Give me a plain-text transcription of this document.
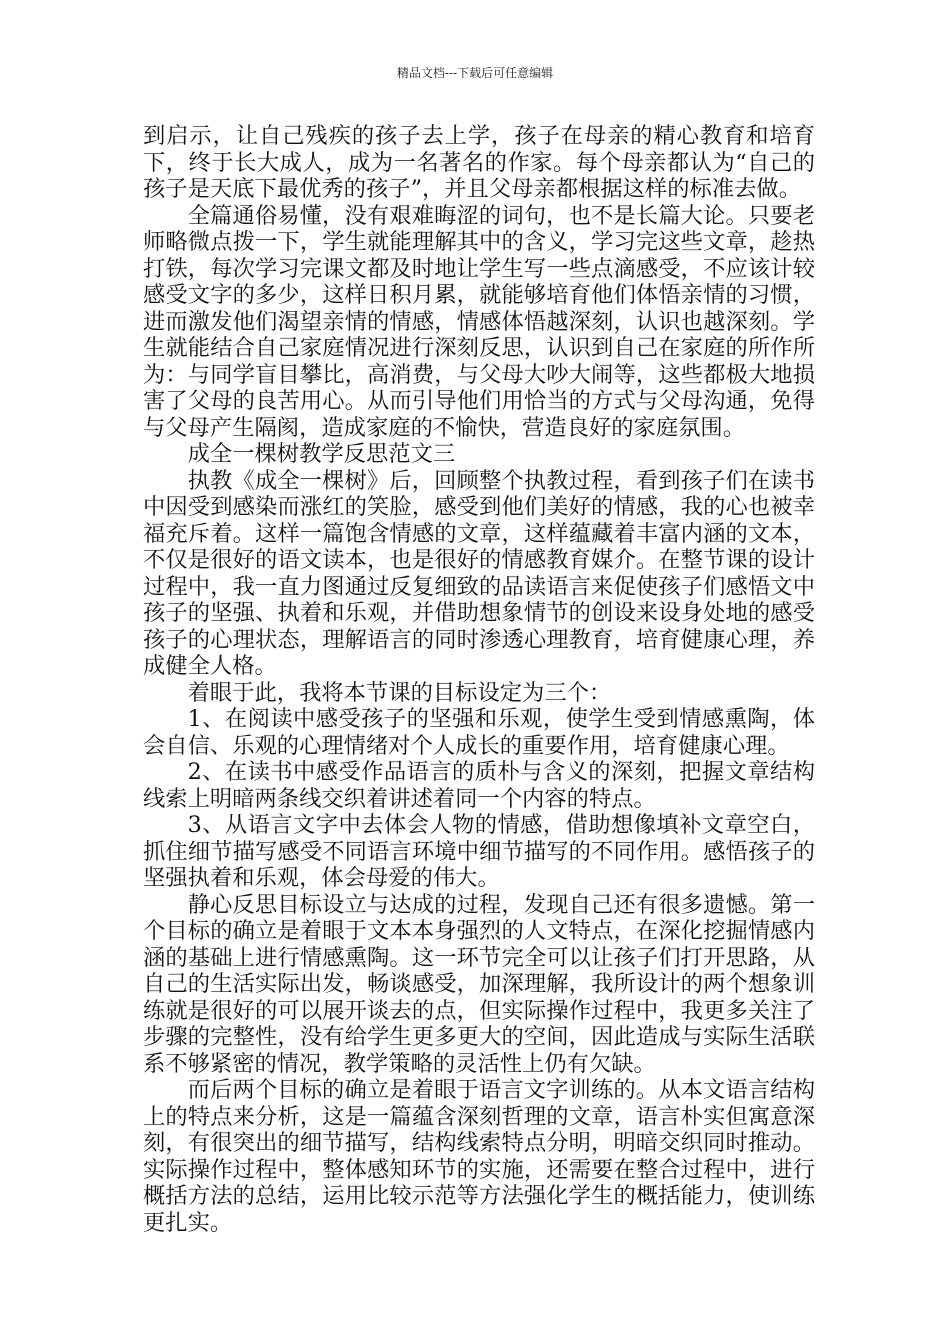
精品文档---下载后可任意编辑

到启示，让自己残疾的孩子去上学，孩子在母亲的精心教育和培育下，终于长大成人，成为一名著名的作家。每个母亲都认为“自己的孩子是天底下最优秀的孩子”，并且父母亲都根据这样的标准去做。

全篇通俗易懂，没有艰难晦涩的词句，也不是长篇大论。只要老师略微点拨一下，学生就能理解其中的含义，学习完这些文章，趁热打铁，每次学习完课文都及时地让学生写一些点滴感受，不应该计较感受文字的多少，这样日积月累，就能够培育他们体悟亲情的习惯，进而激发他们渴望亲情的情感，情感体悟越深刻，认识也越深刻。学生就能结合自己家庭情况进行深刻反思，认识到自己在家庭的所作所为：与同学盲目攀比，高消费，与父母大吵大闹等，这些都极大地损害了父母的良苦用心。从而引导他们用恰当的方式与父母沟通，免得与父母产生隔阂，造成家庭的不愉快，营造良好的家庭氛围。

成全一棵树教学反思范文三

执教《成全一棵树》后，回顾整个执教过程，看到孩子们在读书中因受到感染而涨红的笑脸，感受到他们美好的情感，我的心也被幸福充斥着。这样一篇饱含情感的文章，这样蕴藏着丰富内涵的文本，不仅是很好的语文读本，也是很好的情感教育媒介。在整节课的设计过程中，我一直力图通过反复细致的品读语言来促使孩子们感悟文中孩子的坚强、执着和乐观，并借助想象情节的创设来设身处地的感受孩子的心理状态，理解语言的同时渗透心理教育，培育健康心理，养成健全人格。

着眼于此，我将本节课的目标设定为三个：

1、在阅读中感受孩子的坚强和乐观，使学生受到情感熏陶，体会自信、乐观的心理情绪对个人成长的重要作用，培育健康心理。

2、在读书中感受作品语言的质朴与含义的深刻，把握文章结构线索上明暗两条线交织着讲述着同一个内容的特点。

3、从语言文字中去体会人物的情感，借助想像填补文章空白，抓住细节描写感受不同语言环境中细节描写的不同作用。感悟孩子的坚强执着和乐观，体会母爱的伟大。

静心反思目标设立与达成的过程，发现自己还有很多遗憾。第一个目标的确立是着眼于文本本身强烈的人文特点，在深化挖掘情感内涵的基础上进行情感熏陶。这一环节完全可以让孩子们打开思路，从自己的生活实际出发，畅谈感受，加深理解，我所设计的两个想象训练就是很好的可以展开谈去的点，但实际操作过程中，我更多关注了步骤的完整性，没有给学生更多更大的空间，因此造成与实际生活联系不够紧密的情况，教学策略的灵活性上仍有欠缺。

而后两个目标的确立是着眼于语言文字训练的。从本文语言结构上的特点来分析，这是一篇蕴含深刻哲理的文章，语言朴实但寓意深刻，有很突出的细节描写，结构线索特点分明，明暗交织同时推动。实际操作过程中，整体感知环节的实施，还需要在整合过程中，进行概括方法的总结，运用比较示范等方法强化学生的概括能力，使训练更扎实。
